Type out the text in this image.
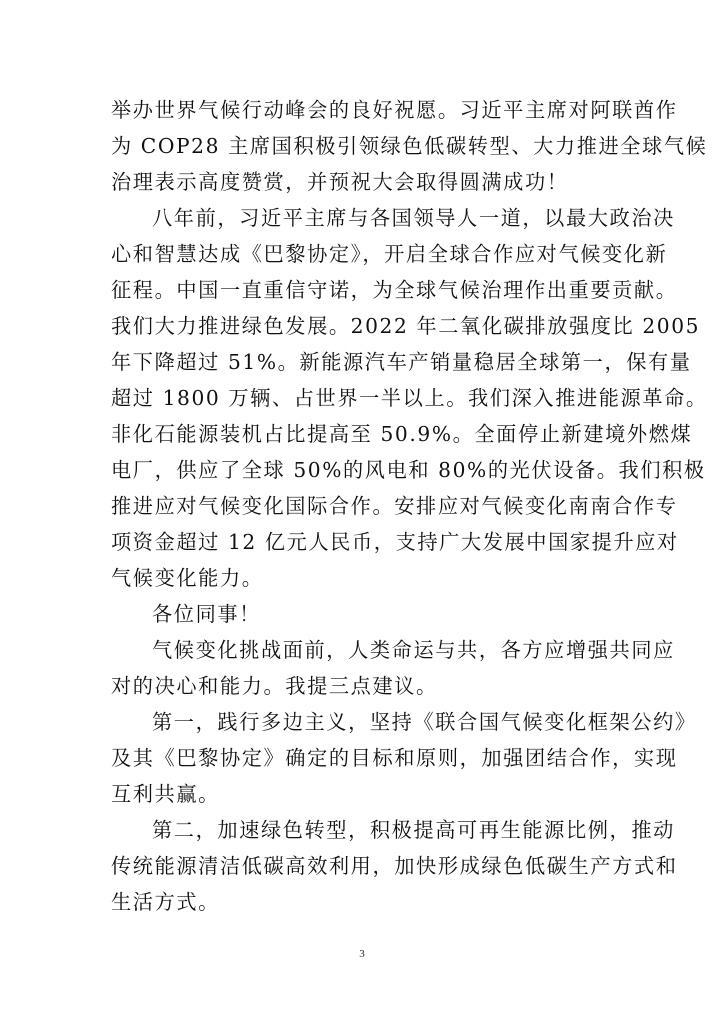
举办世界气候行动峰会的良好祝愿。习近平主席对阿联酋作
为 COP28 主席国积极引领绿色低碳转型、大力推进全球气候
治理表示高度赞赏，并预祝大会取得圆满成功！
八年前，习近平主席与各国领导人一道，以最大政治决
心和智慧达成《巴黎协定》，开启全球合作应对气候变化新
征程。中国一直重信守诺，为全球气候治理作出重要贡献。
我们大力推进绿色发展。2022 年二氧化碳排放强度比 2005
年下降超过 51%。新能源汽车产销量稳居全球第一，保有量
超过 1800 万辆、占世界一半以上。我们深入推进能源革命。
非化石能源装机占比提高至 50.9%。全面停止新建境外燃煤
电厂，供应了全球 50%的风电和 80%的光伏设备。我们积极
推进应对气候变化国际合作。安排应对气候变化南南合作专
项资金超过 12 亿元人民币，支持广大发展中国家提升应对
气候变化能力。
各位同事！
气候变化挑战面前，人类命运与共，各方应增强共同应
对的决心和能力。我提三点建议。
第一，践行多边主义，坚持《联合国气候变化框架公约》
及其《巴黎协定》确定的目标和原则，加强团结合作，实现
互利共赢。
第二，加速绿色转型，积极提高可再生能源比例，推动
传统能源清洁低碳高效利用，加快形成绿色低碳生产方式和
生活方式。
3
